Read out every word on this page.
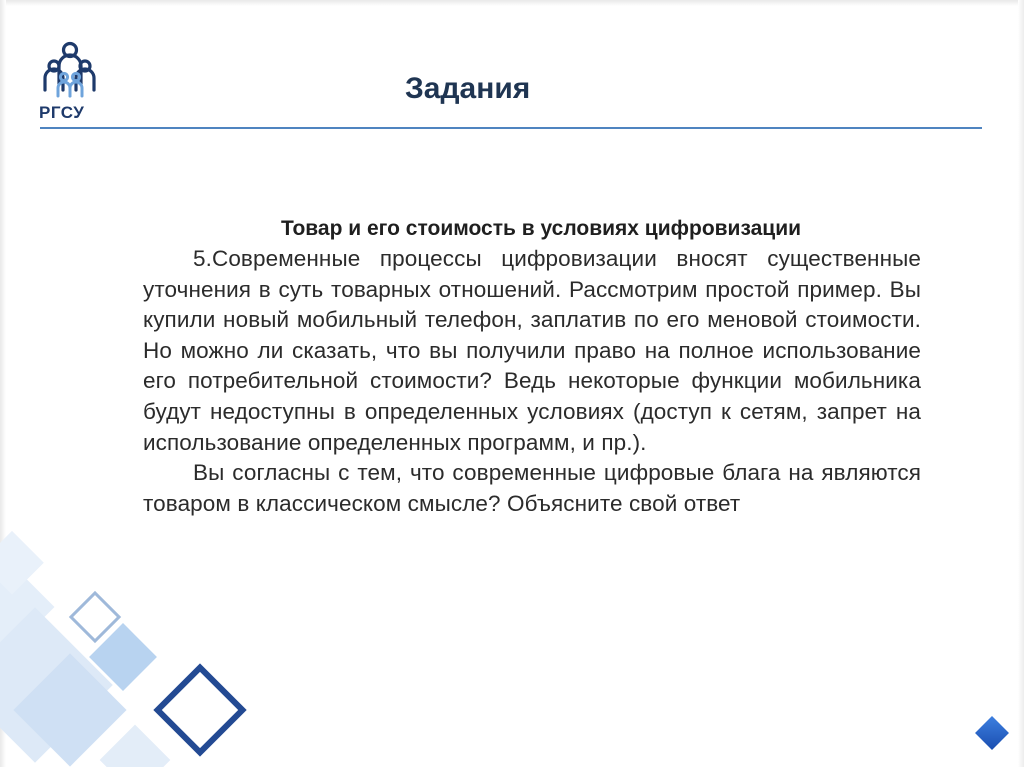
РГСУ
Задания

Товар и его стоимость в условиях цифровизации

5.Современные процессы цифровизации вносят существенные уточнения в суть товарных отношений. Рассмотрим простой пример. Вы купили новый мобильный телефон, заплатив по его меновой стоимости. Но можно ли сказать, что вы получили право на полное использование его потребительной стоимости? Ведь некоторые функции мобильника будут недоступны в определенных условиях (доступ к сетям, запрет на использование определенных программ, и пр.).

Вы согласны с тем, что современные цифровые блага на являются товаром в классическом смысле? Объясните свой ответ
